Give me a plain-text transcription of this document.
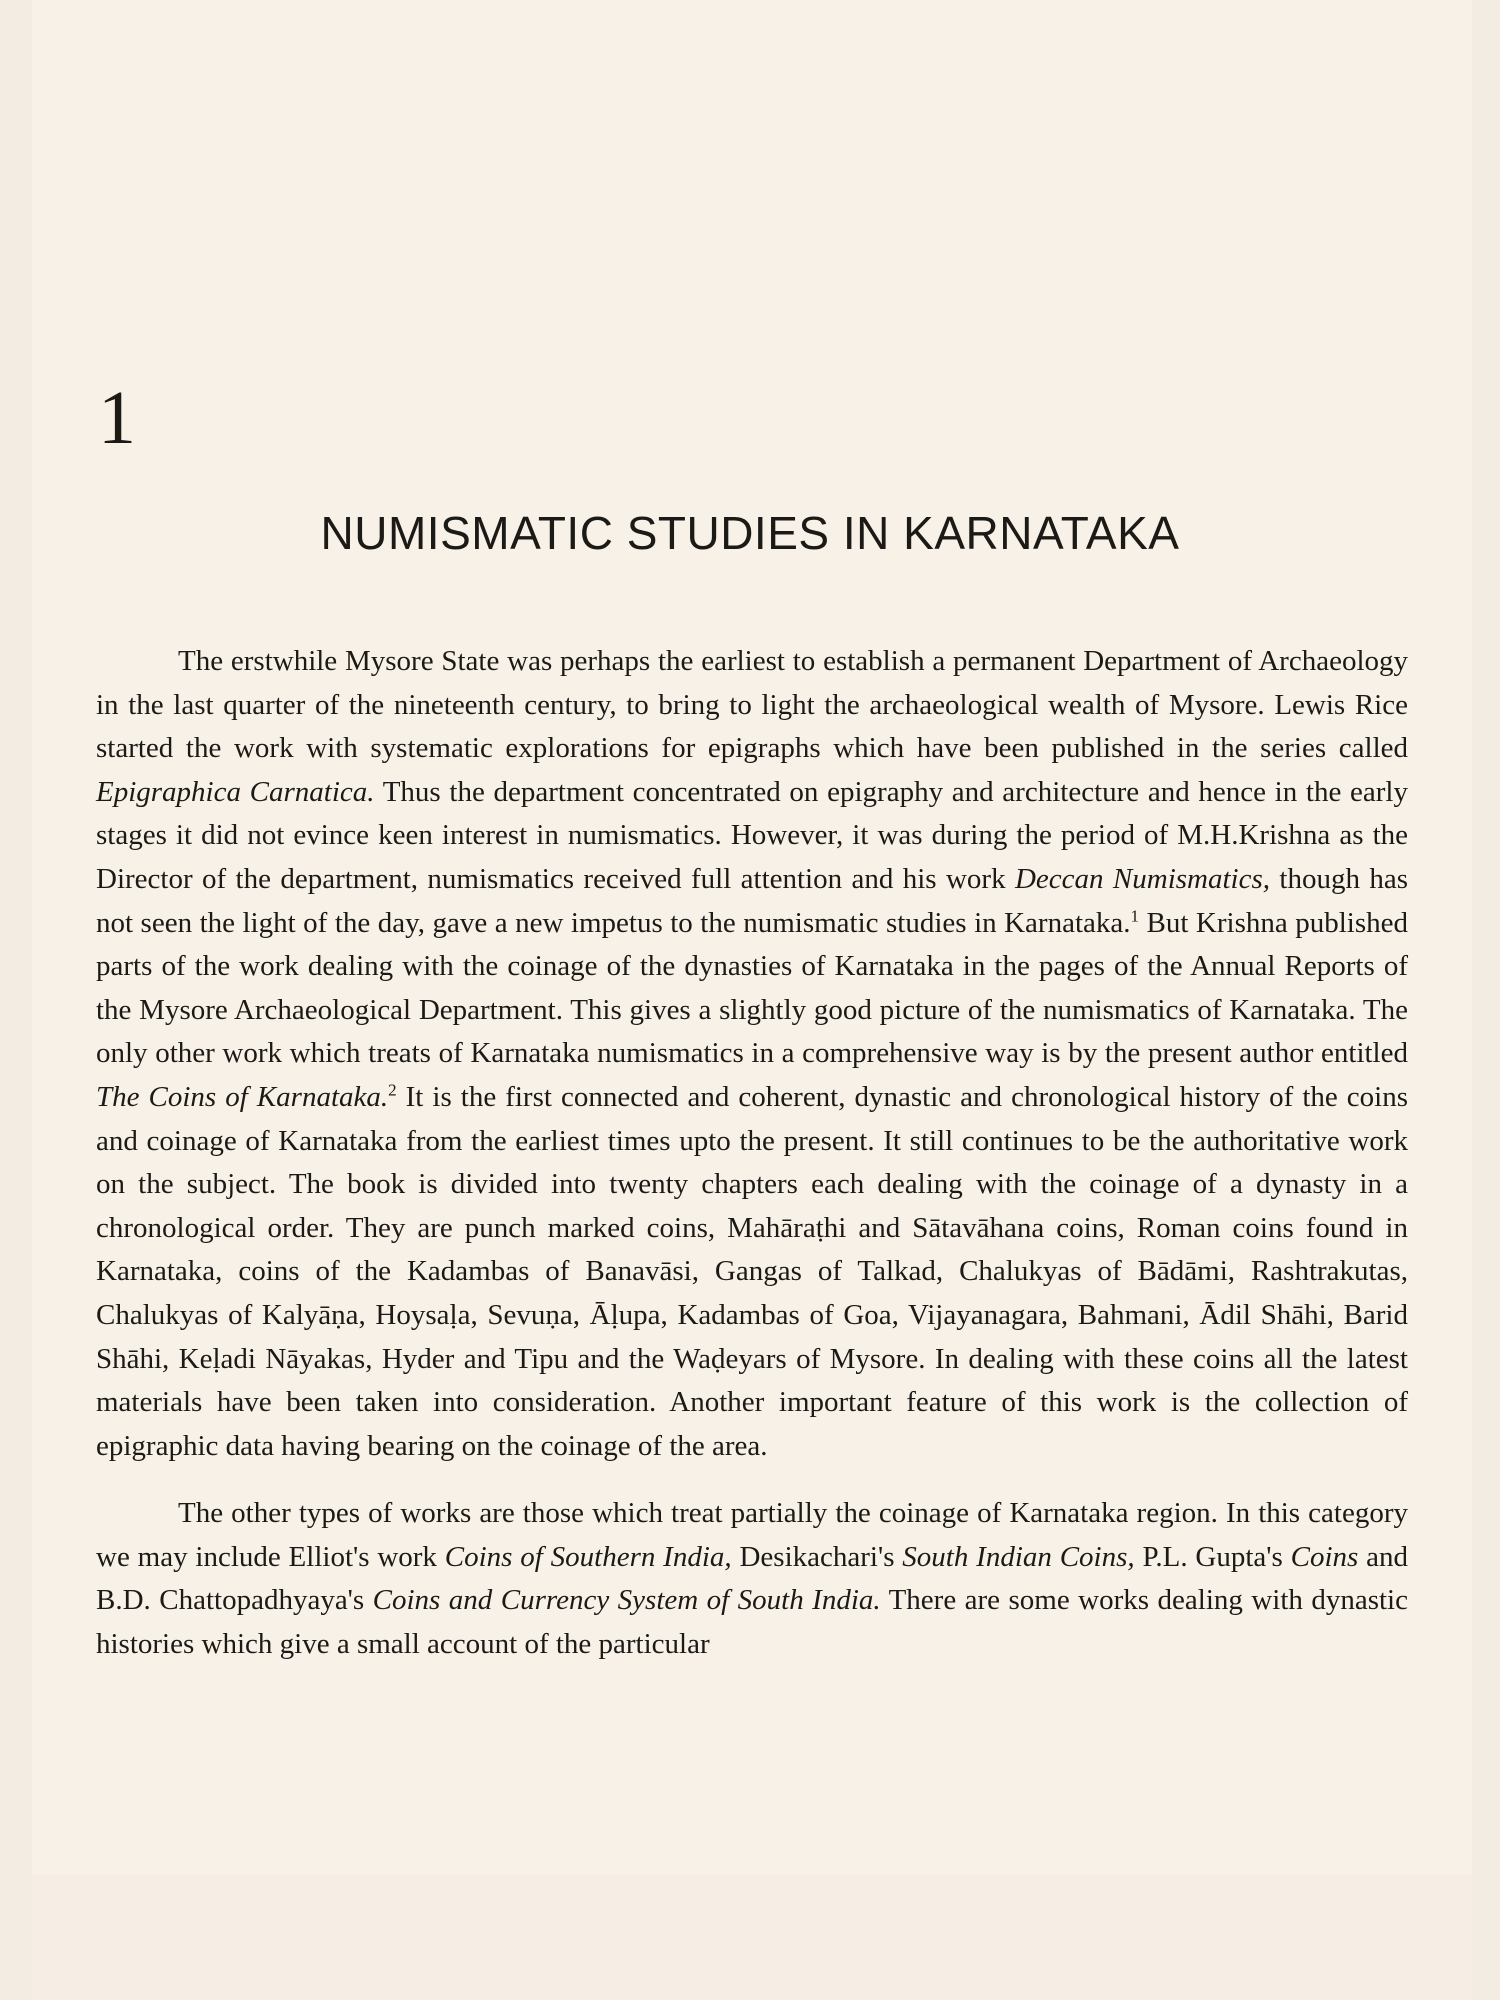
1
NUMISMATIC STUDIES IN KARNATAKA

The erstwhile Mysore State was perhaps the earliest to establish a permanent Department of Archaeology in the last quarter of the nineteenth century, to bring to light the archaeological wealth of Mysore. Lewis Rice started the work with systematic explorations for epigraphs which have been published in the series called Epigraphica Carnatica. Thus the department concentrated on epigraphy and architecture and hence in the early stages it did not evince keen interest in numismatics. However, it was during the period of M.H.Krishna as the Director of the department, numismatics received full attention and his work Deccan Numismatics, though has not seen the light of the day, gave a new impetus to the numismatic studies in Karnataka.$^1$ But Krishna published parts of the work dealing with the coinage of the dynasties of Karnataka in the pages of the Annual Reports of the Mysore Archaeological Department. This gives a slightly good picture of the numismatics of Karnataka. The only other work which treats of Karnataka numismatics in a comprehensive way is by the present author entitled The Coins of Karnataka.$^2$ It is the first connected and coherent, dynastic and chronological history of the coins and coinage of Karnataka from the earliest times upto the present. It still continues to be the authoritative work on the subject. The book is divided into twenty chapters each dealing with the coinage of a dynasty in a chronological order. They are punch marked coins, Mahāraṭhi and Sātavāhana coins, Roman coins found in Karnataka, coins of the Kadambas of Banavāsi, Gangas of Talkad, Chalukyas of Bādāmi, Rashtrakutas, Chalukyas of Kalyāṇa, Hoysaḷa, Sevuṇa, Āḷupa, Kadambas of Goa, Vijayanagara, Bahmani, Ādil Shāhi, Barid Shāhi, Keḷadi Nāyakas, Hyder and Tipu and the Waḍeyars of Mysore. In dealing with these coins all the latest materials have been taken into consideration. Another important feature of this work is the collection of epigraphic data having bearing on the coinage of the area.

The other types of works are those which treat partially the coinage of Karnataka region. In this category we may include Elliot's work Coins of Southern India, Desikachari's South Indian Coins, P.L. Gupta's Coins and B.D. Chattopadhyaya's Coins and Currency System of South India. There are some works dealing with dynastic histories which give a small account of the particular
